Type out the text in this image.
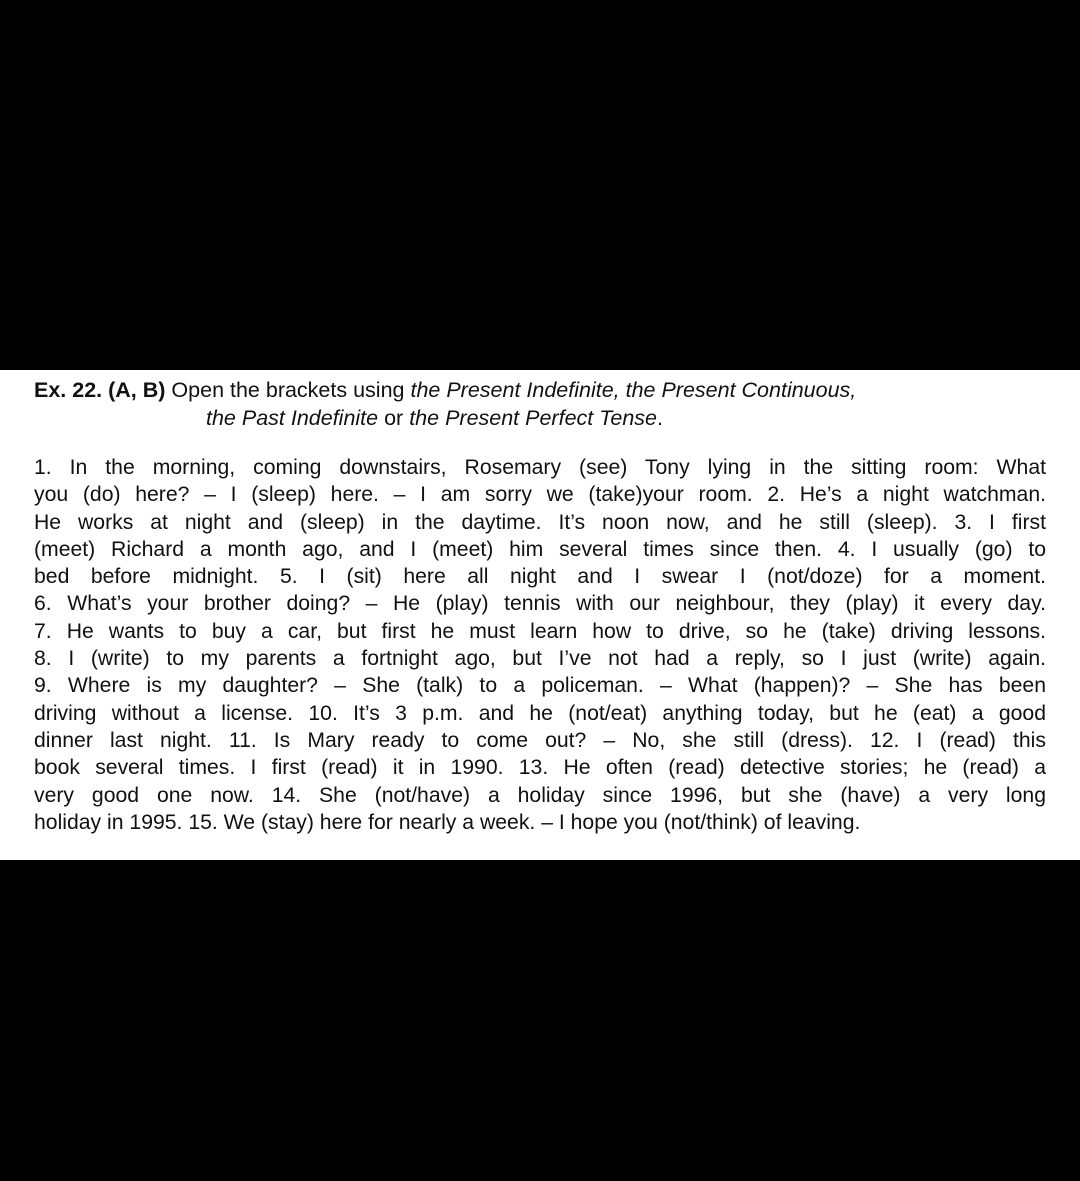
Ex. 22. (A, B) Open the brackets using the Present Indefinite, the Present Continuous,
the Past Indefinite or the Present Perfect Tense.

1. In the morning, coming downstairs, Rosemary (see) Tony lying in the sitting room: What
you (do) here? – I (sleep) here. – I am sorry we (take)your room. 2. He’s a night watchman.
He works at night and (sleep) in the daytime. It’s noon now, and he still (sleep). 3. I first
(meet) Richard a month ago, and I (meet) him several times since then. 4. I usually (go) to
bed before midnight. 5. I (sit) here all night and I swear I (not/doze) for a moment.
6. What’s your brother doing? – He (play) tennis with our neighbour, they (play) it every day.
7. He wants to buy a car, but first he must learn how to drive, so he (take) driving lessons.
8. I (write) to my parents a fortnight ago, but I’ve not had a reply, so I just (write) again.
9. Where is my daughter? – She (talk) to a policeman. – What (happen)? – She has been
driving without a license. 10. It’s 3 p.m. and he (not/eat) anything today, but he (eat) a good
dinner last night. 11. Is Mary ready to come out? – No, she still (dress). 12. I (read) this
book several times. I first (read) it in 1990. 13. He often (read) detective stories; he (read) a
very good one now. 14. She (not/have) a holiday since 1996, but she (have) a very long
holiday in 1995. 15. We (stay) here for nearly a week. – I hope you (not/think) of leaving.
